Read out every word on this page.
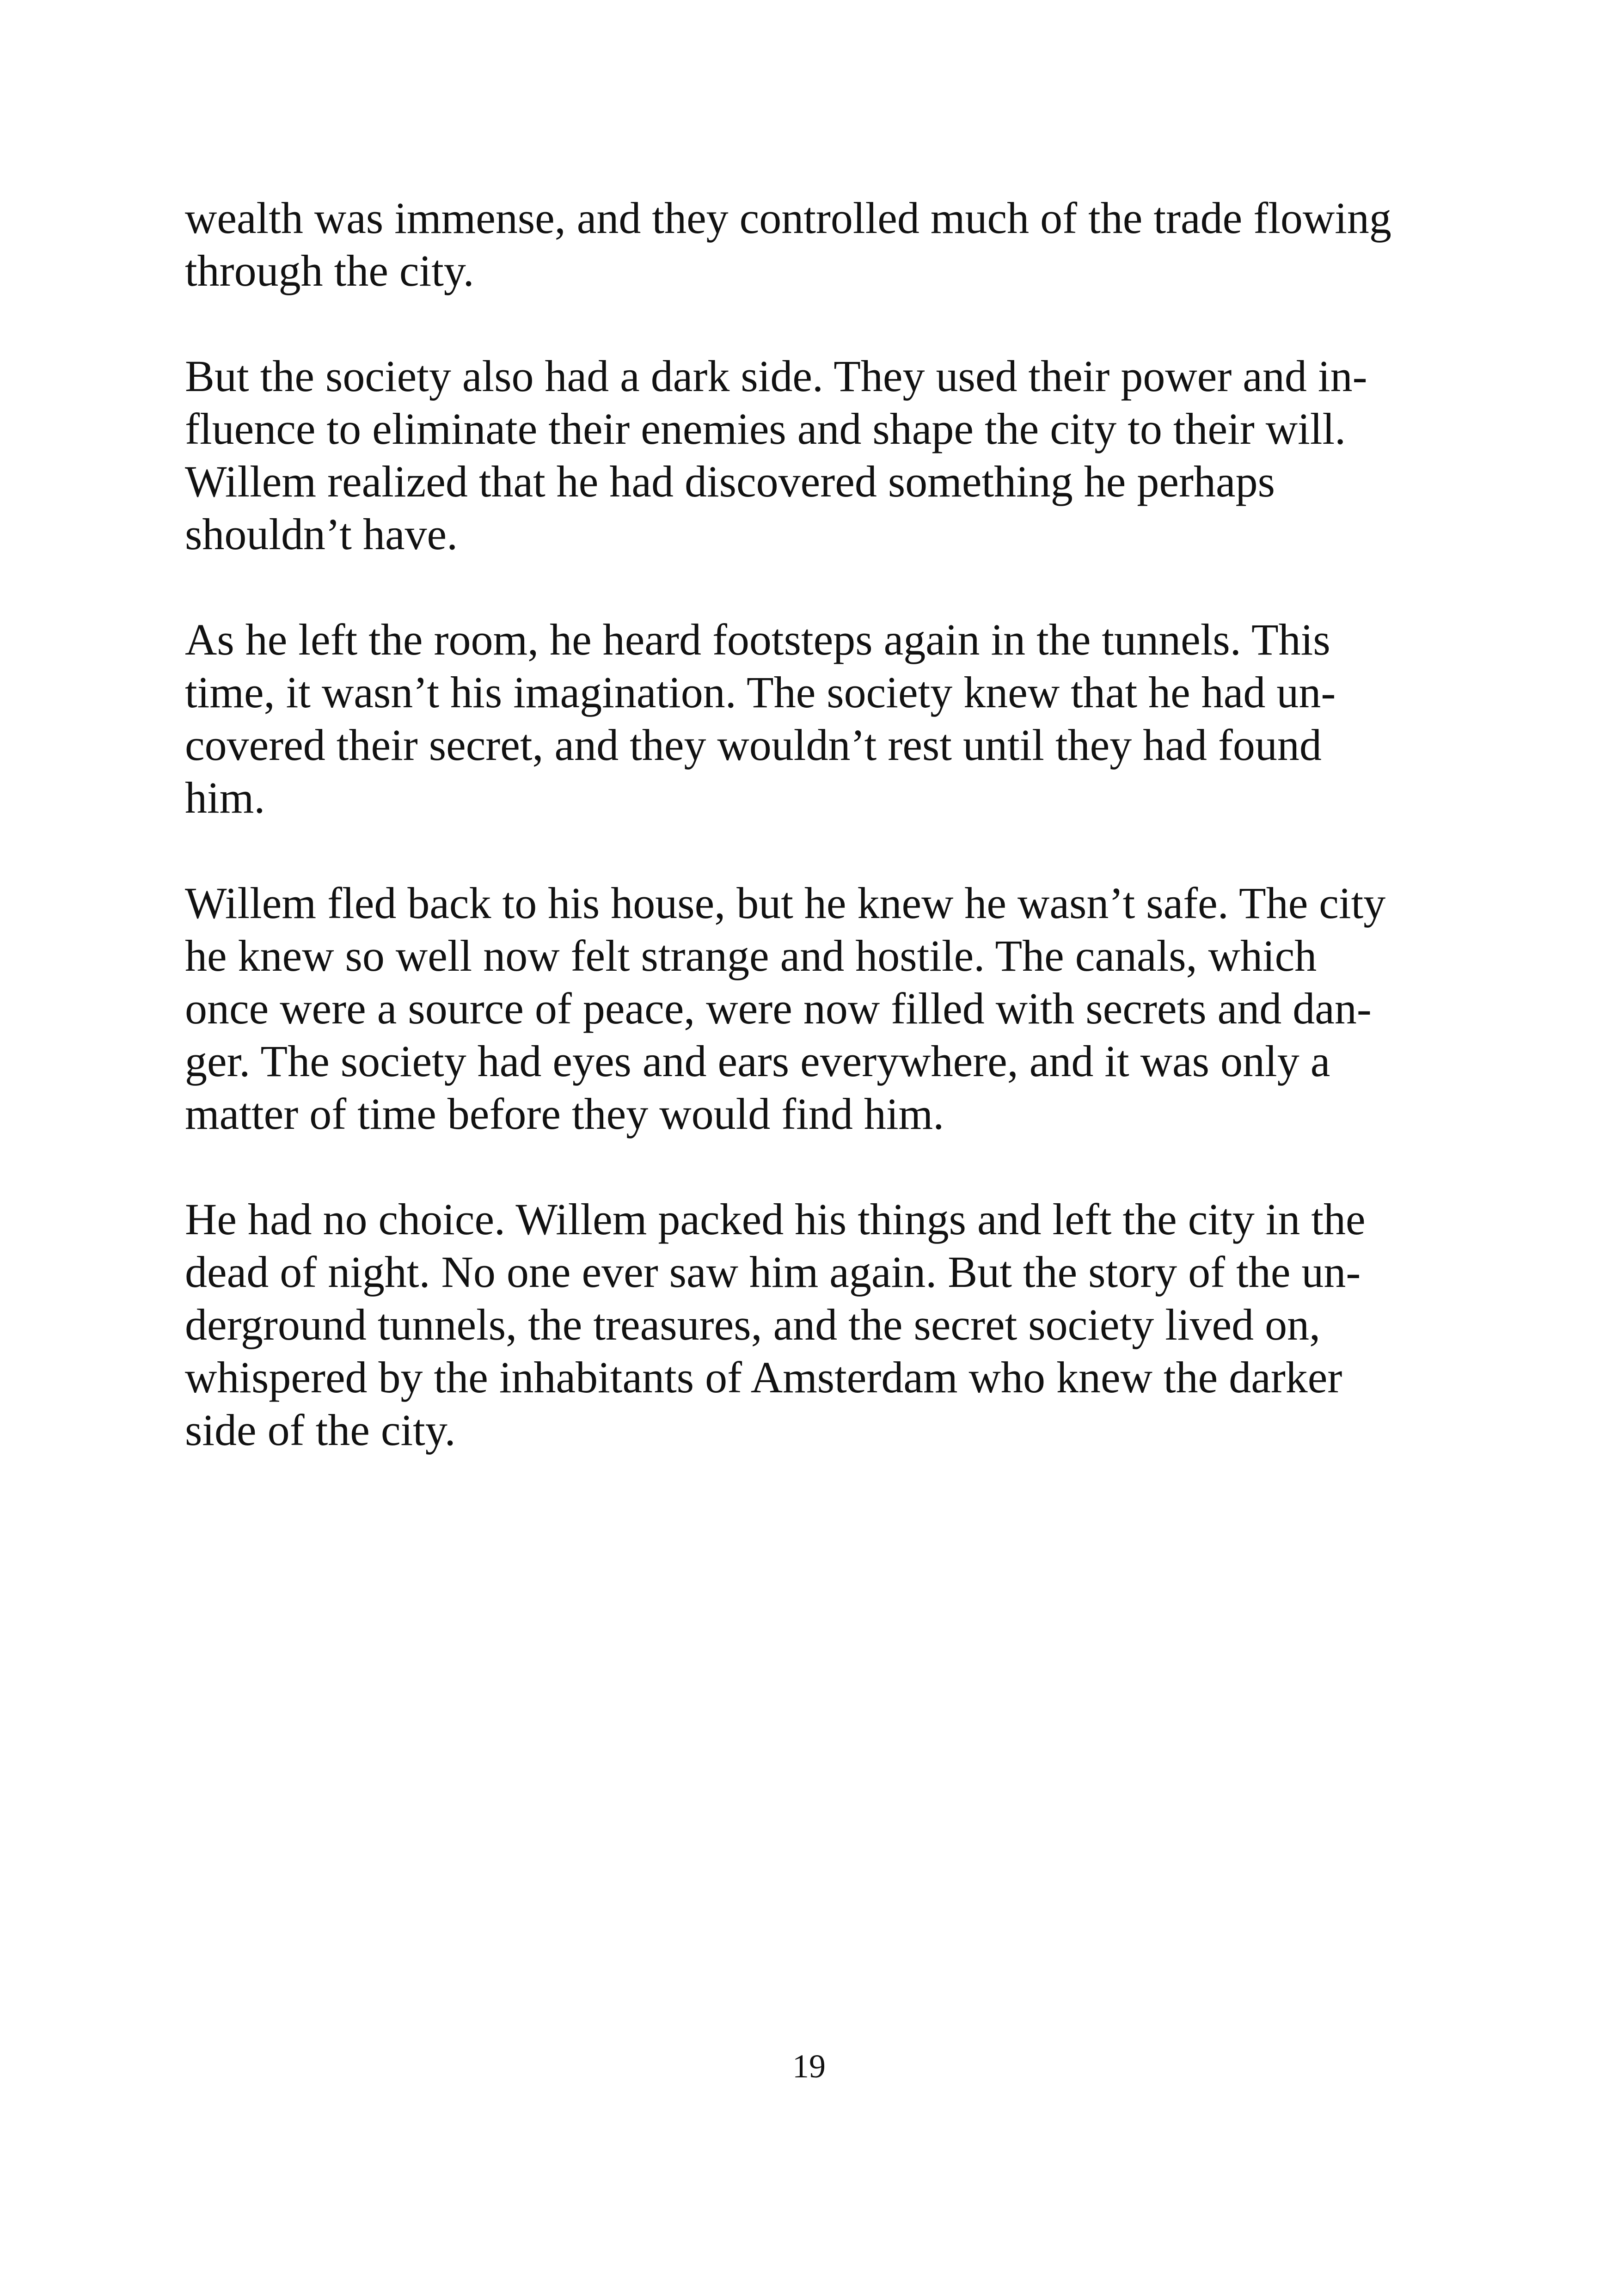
wealth was immense, and they controlled much of the trade flowing
through the city.

But the society also had a dark side. They used their power and in-
fluence to eliminate their enemies and shape the city to their will.
Willem realized that he had discovered something he perhaps
shouldn’t have.

As he left the room, he heard footsteps again in the tunnels. This
time, it wasn’t his imagination. The society knew that he had un-
covered their secret, and they wouldn’t rest until they had found
him.

Willem fled back to his house, but he knew he wasn’t safe. The city
he knew so well now felt strange and hostile. The canals, which
once were a source of peace, were now filled with secrets and dan-
ger. The society had eyes and ears everywhere, and it was only a
matter of time before they would find him.

He had no choice. Willem packed his things and left the city in the
dead of night. No one ever saw him again. But the story of the un-
derground tunnels, the treasures, and the secret society lived on,
whispered by the inhabitants of Amsterdam who knew the darker
side of the city.

19
